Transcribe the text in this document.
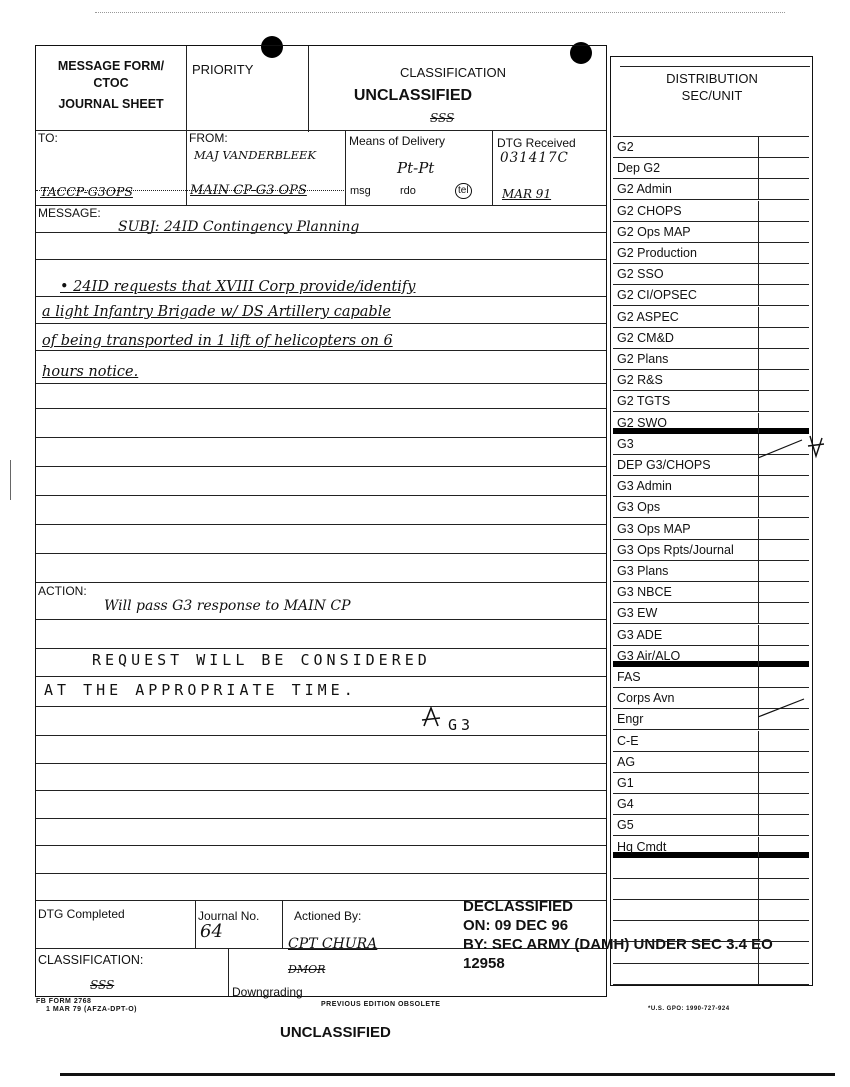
MESSAGE FORM/
CTOC
JOURNAL SHEET
PRIORITY	CLASSIFICATION
UNCLASSIFIED
SSS
TO:
TACCP-G3OPS
FROM:
MAJ VANDERBLEEK
MAIN CP-G3 OPS
Means of Delivery
Pt-Pt
msg	rdo	tel
DTG Received
031417C
MAR 91
MESSAGE:
SUBJ: 24ID Contingency Planning
• 24ID requests that XVIII Corp provide/identify
a light Infantry Brigade w/ DS Artillery capable
of being transported in 1 lift of helicopters on 6
hours notice.
ACTION:
Will pass G3 response to MAIN CP
REQUEST WILL BE CONSIDERED
AT THE APPROPRIATE TIME.
G3
DTG Completed	Journal No.
64
Actioned By:
CPT CHURA
CLASSIFICATION:
SSS
DMOR
Downgrading
FB FORM 2768
1 MAR 79 (AFZA-DPT-O)
PREVIOUS EDITION OBSOLETE
*U.S. GPO: 1990-727-924
DECLASSIFIED
ON: 09 DEC 96
BY: SEC ARMY (DAMH) UNDER SEC 3.4 EO
12958
UNCLASSIFIED
DISTRIBUTION
SEC/UNIT
G2
Dep G2
G2 Admin
G2 CHOPS
G2 Ops MAP
G2 Production
G2 SSO
G2 CI/OPSEC
G2 ASPEC
G2 CM&D
G2 Plans
G2 R&S
G2 TGTS
G2 SWO
G3
DEP G3/CHOPS
G3 Admin
G3 Ops
G3 Ops MAP
G3 Ops Rpts/Journal
G3 Plans
G3 NBCE
G3 EW
G3 ADE
G3 Air/ALO
FAS
Corps Avn
Engr
C-E
AG
G1
G4
G5
Hq Cmdt
